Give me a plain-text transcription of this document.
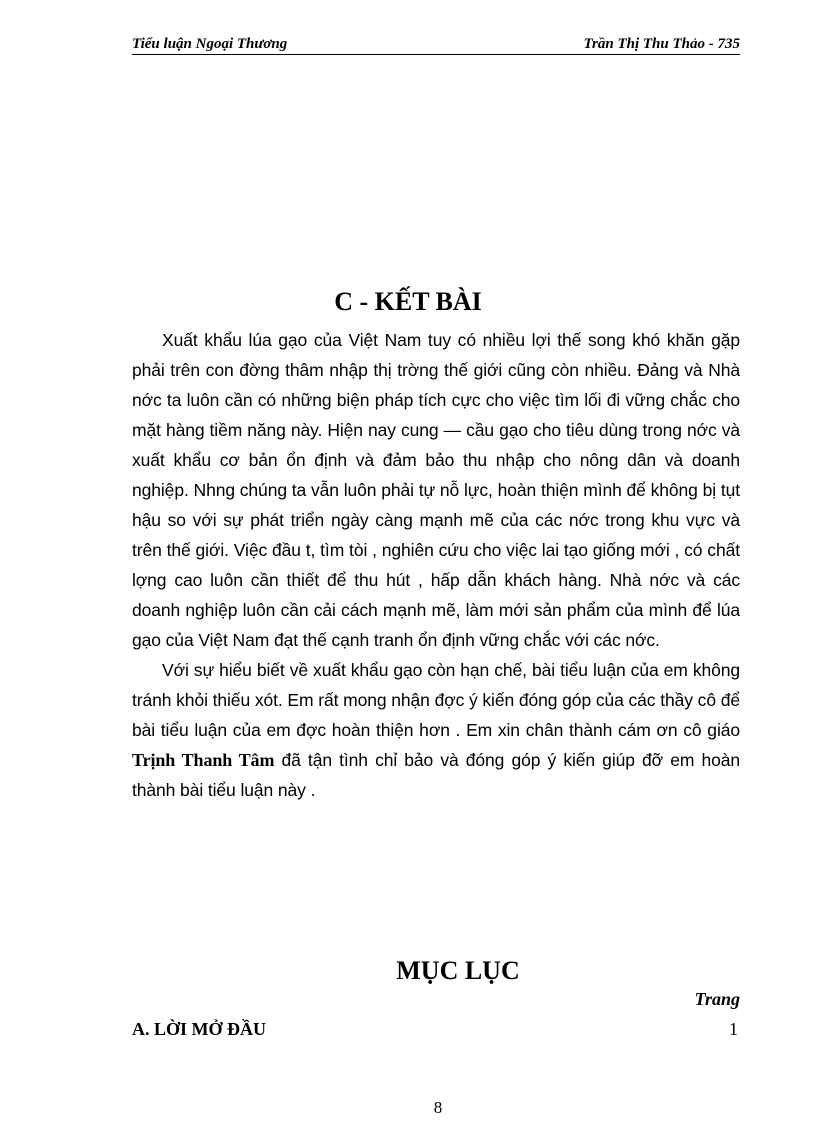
Tiểu luận Ngoại Thương	Trần Thị Thu Thảo - 735
C - KẾT BÀI

Xuất khẩu lúa gạo của Việt Nam tuy có nhiều lợi thế song khó khăn gặp phải trên con đờng thâm nhập thị trờng thế giới cũng còn nhiều. Đảng và Nhà nớc ta luôn cần có những biện pháp tích cực cho việc tìm lối đi vững chắc cho mặt hàng tiềm năng này. Hiện nay cung — cầu gạo cho tiêu dùng trong nớc và xuất khẩu cơ bản ổn định và đảm bảo thu nhập cho nông dân và doanh nghiệp. Nhng chúng ta vẫn luôn phải tự nỗ lực, hoàn thiện mình để không bị tụt hậu so với sự phát triển ngày càng mạnh mẽ của các nớc trong khu vực và trên thế giới. Việc đầu t, tìm tòi , nghiên cứu cho việc lai tạo giống mới , có chất lợng cao luôn cần thiết để thu hút , hấp dẫn khách hàng. Nhà nớc và các doanh nghiệp luôn cần cải cách mạnh mẽ, làm mới sản phẩm của mình để lúa gạo của Việt Nam đạt thế cạnh tranh ổn định vững chắc với các nớc.

Với sự hiểu biết về xuất khẩu gạo còn hạn chế, bài tiểu luận của em không tránh khỏi thiếu xót. Em rất mong nhận đợc ý kiến đóng góp của các thầy cô để bài tiểu luận của em đợc hoàn thiện hơn . Em xin chân thành cám ơn cô giáo Trịnh Thanh Tâm đã tận tình chỉ bảo và đóng góp ý kiến giúp đỡ em hoàn thành bài tiểu luận này .

MỤC LỤC
Trang
A. LỜI MỞ ĐẦU	1
8
